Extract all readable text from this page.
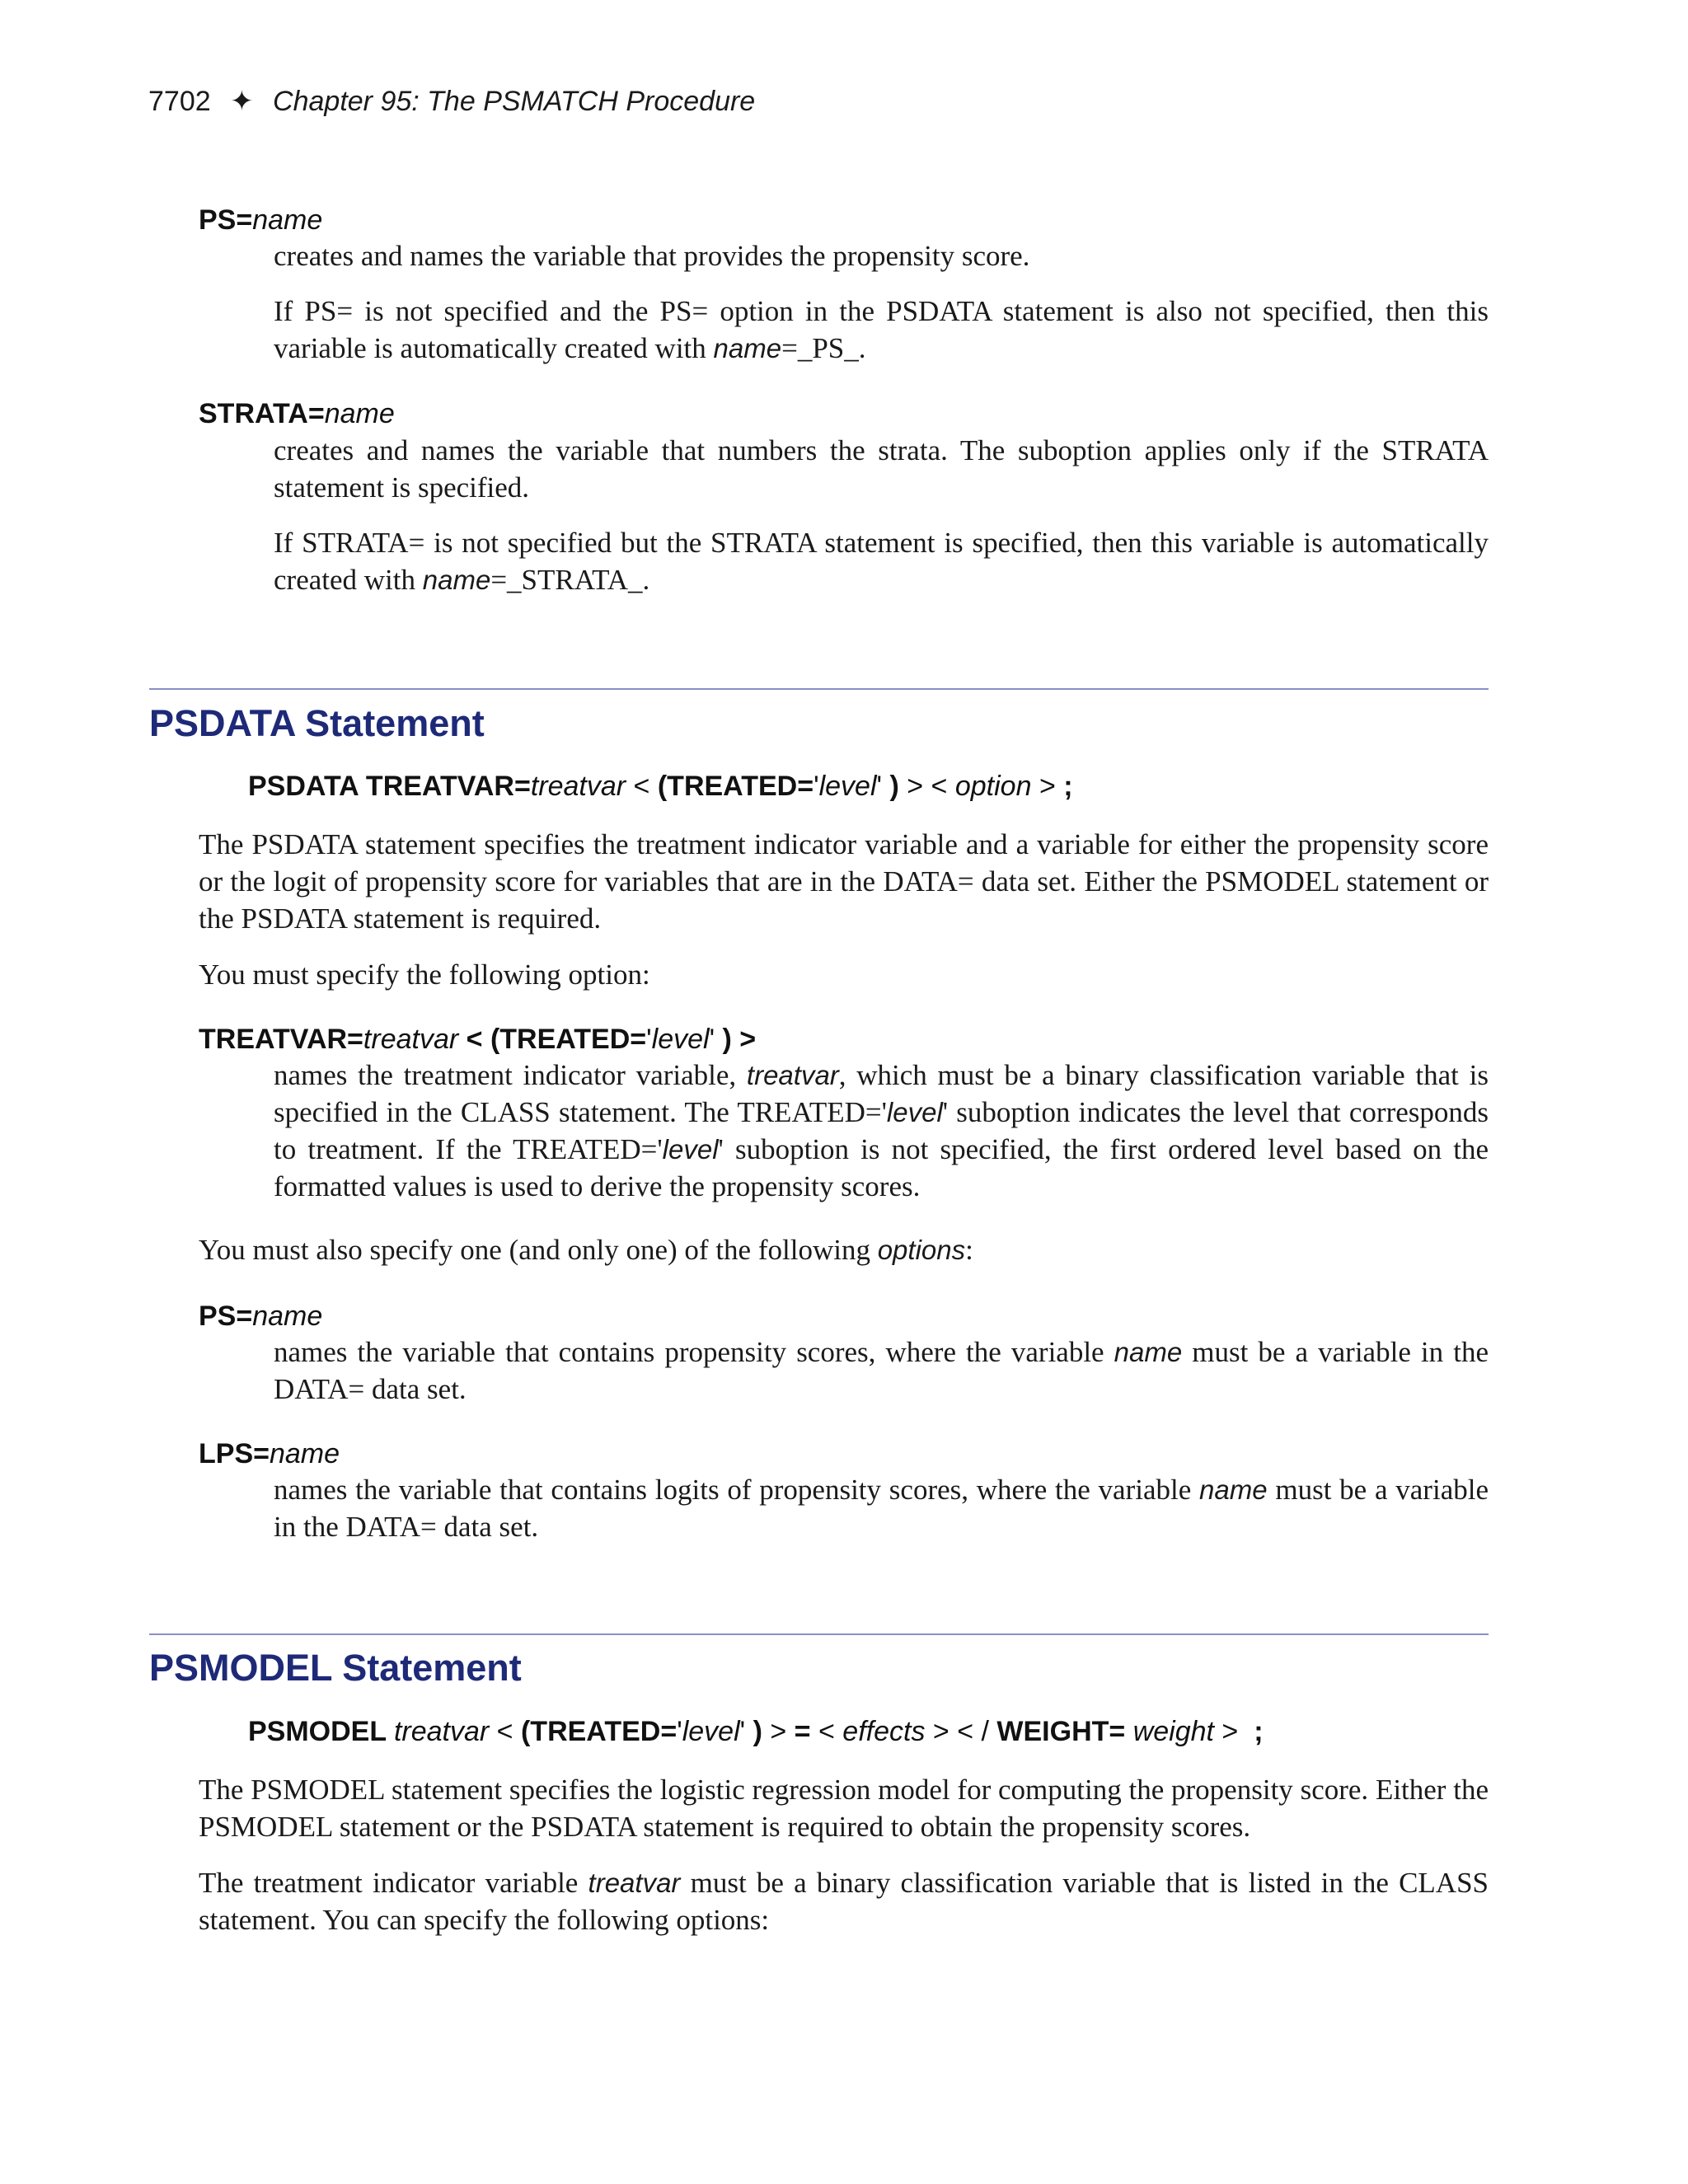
7702 ✦ Chapter 95: The PSMATCH Procedure
PS=name
creates and names the variable that provides the propensity score.
If PS= is not specified and the PS= option in the PSDATA statement is also not specified, then this variable is automatically created with name=_PS_.
STRATA=name
creates and names the variable that numbers the strata. The suboption applies only if the STRATA statement is specified.
If STRATA= is not specified but the STRATA statement is specified, then this variable is automatically created with name=_STRATA_.
PSDATA Statement
PSDATA TREATVAR=treatvar < (TREATED='level' ) > < option > ;
The PSDATA statement specifies the treatment indicator variable and a variable for either the propensity score or the logit of propensity score for variables that are in the DATA= data set. Either the PSMODEL statement or the PSDATA statement is required.
You must specify the following option:
TREATVAR=treatvar < (TREATED='level' ) >
names the treatment indicator variable, treatvar, which must be a binary classification variable that is specified in the CLASS statement. The TREATED='level' suboption indicates the level that corresponds to treatment. If the TREATED='level' suboption is not specified, the first ordered level based on the formatted values is used to derive the propensity scores.
You must also specify one (and only one) of the following options:
PS=name
names the variable that contains propensity scores, where the variable name must be a variable in the DATA= data set.
LPS=name
names the variable that contains logits of propensity scores, where the variable name must be a variable in the DATA= data set.
PSMODEL Statement
PSMODEL treatvar < (TREATED='level' ) > = < effects > < / WEIGHT= weight >  ;
The PSMODEL statement specifies the logistic regression model for computing the propensity score. Either the PSMODEL statement or the PSDATA statement is required to obtain the propensity scores.
The treatment indicator variable treatvar must be a binary classification variable that is listed in the CLASS statement. You can specify the following options:
